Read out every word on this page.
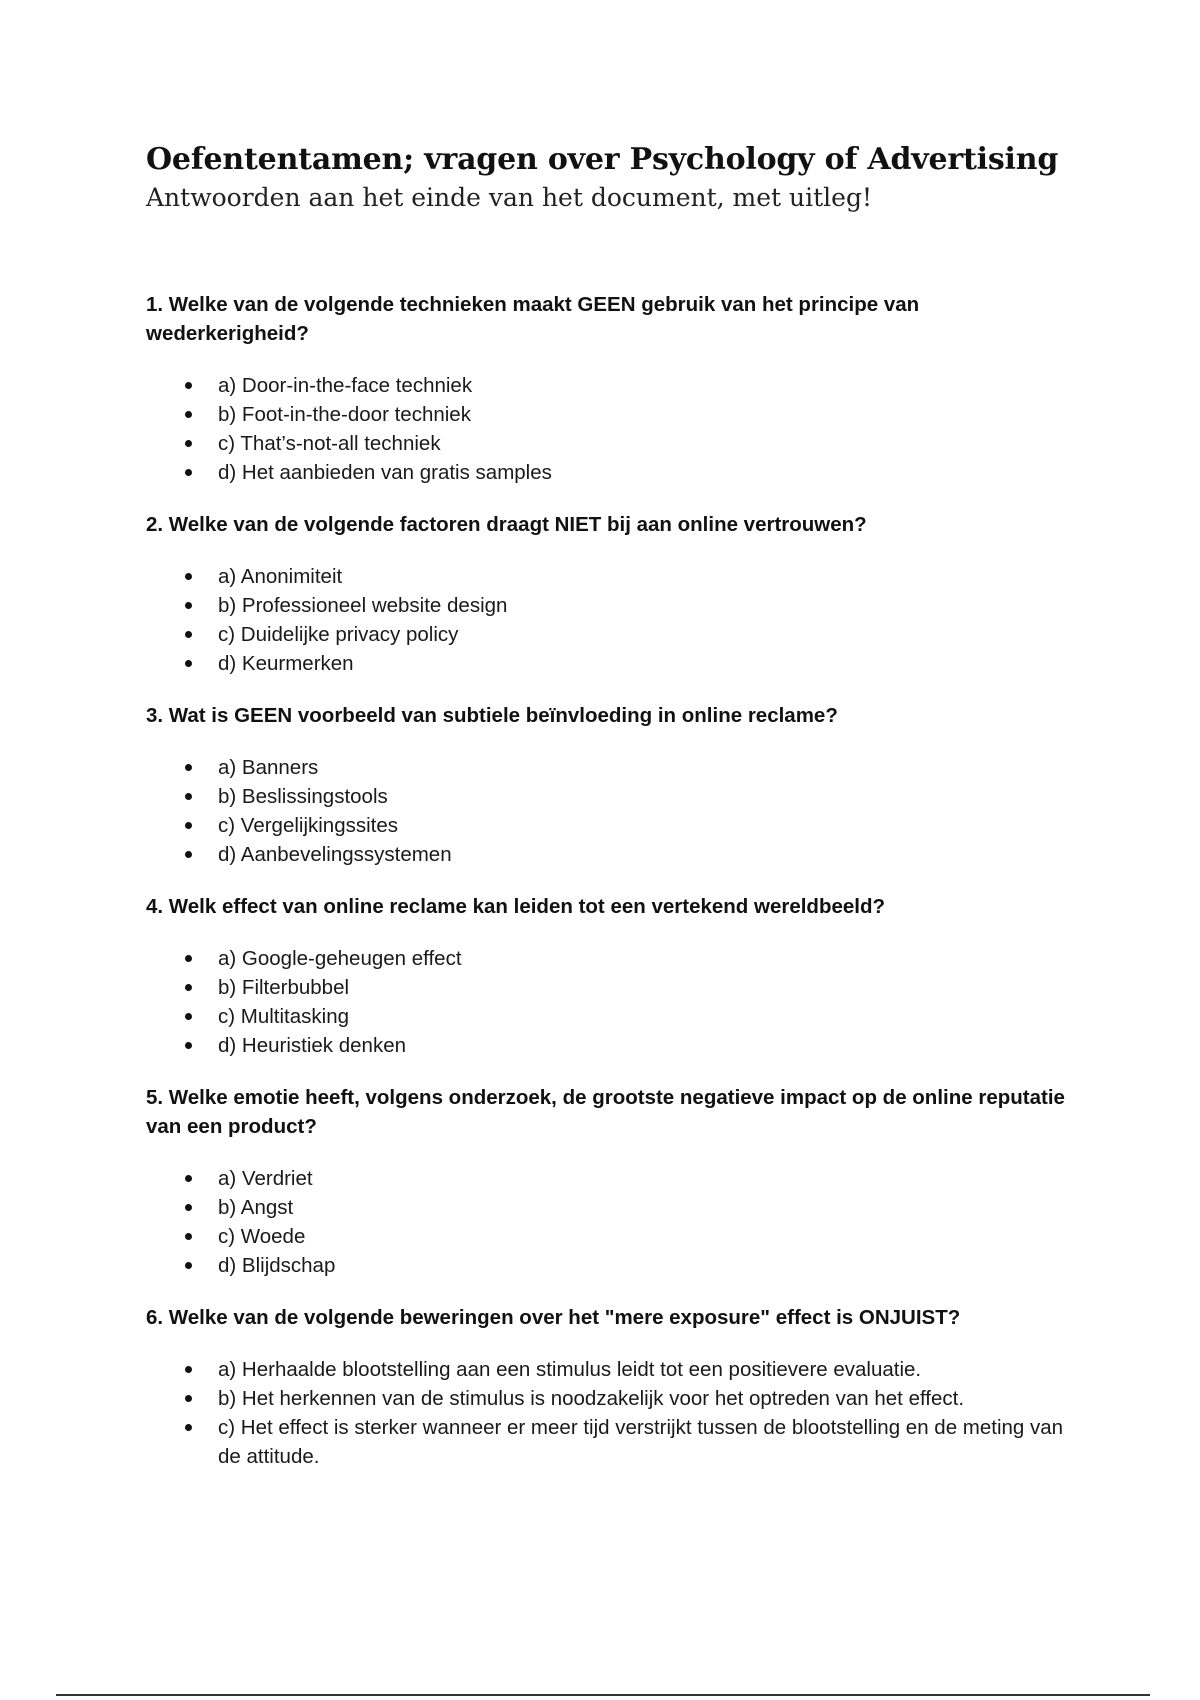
Oefententamen; vragen over Psychology of Advertising

Antwoorden aan het einde van het document, met uitleg!

1. Welke van de volgende technieken maakt GEEN gebruik van het principe van wederkerigheid?

a) Door-in-the-face techniek
b) Foot-in-the-door techniek
c) That’s-not-all techniek
d) Het aanbieden van gratis samples

2. Welke van de volgende factoren draagt NIET bij aan online vertrouwen?

a) Anonimiteit
b) Professioneel website design
c) Duidelijke privacy policy
d) Keurmerken

3. Wat is GEEN voorbeeld van subtiele beïnvloeding in online reclame?

a) Banners
b) Beslissingstools
c) Vergelijkingssites
d) Aanbevelingssystemen

4. Welk effect van online reclame kan leiden tot een vertekend wereldbeeld?

a) Google-geheugen effect
b) Filterbubbel
c) Multitasking
d) Heuristiek denken

5. Welke emotie heeft, volgens onderzoek, de grootste negatieve impact op de online reputatie van een product?

a) Verdriet
b) Angst
c) Woede
d) Blijdschap

6. Welke van de volgende beweringen over het "mere exposure" effect is ONJUIST?

a) Herhaalde blootstelling aan een stimulus leidt tot een positievere evaluatie.
b) Het herkennen van de stimulus is noodzakelijk voor het optreden van het effect.
c) Het effect is sterker wanneer er meer tijd verstrijkt tussen de blootstelling en de meting van de attitude.
